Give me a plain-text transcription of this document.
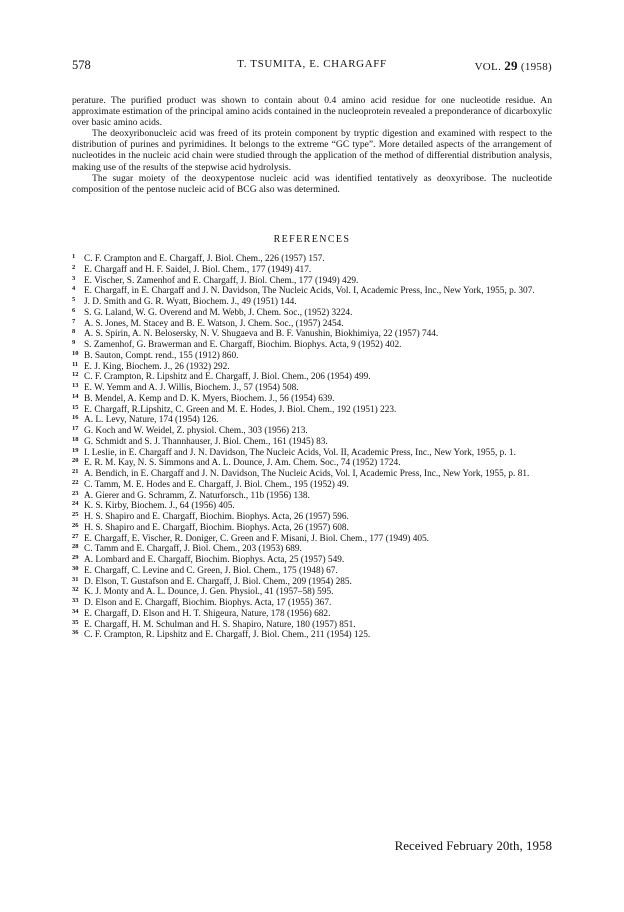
578	T. TSUMITA, E. CHARGAFF	VOL. 29 (1958)

perature. The purified product was shown to contain about 0.4 amino acid residue for one nucleotide residue. An approximate estimation of the principal amino acids contained in the nucleoprotein revealed a preponderance of dicarboxylic over basic amino acids.

The deoxyribonucleic acid was freed of its protein component by tryptic digestion and examined with respect to the distribution of purines and pyrimidines. It belongs to the extreme “GC type”. More detailed aspects of the arrangement of nucleotides in the nucleic acid chain were studied through the application of the method of differential distribution analysis, making use of the results of the stepwise acid hydrolysis.

The sugar moiety of the deoxypentose nucleic acid was identified tentatively as deoxyribose. The nucleotide composition of the pentose nucleic acid of BCG also was determined.

REFERENCES
1 C. F. Crampton and E. Chargaff, J. Biol. Chem., 226 (1957) 157.
2 E. Chargaff and H. F. Saidel, J. Biol. Chem., 177 (1949) 417.
3 E. Vischer, S. Zamenhof and E. Chargaff, J. Biol. Chem., 177 (1949) 429.
4 E. Chargaff, in E. Chargaff and J. N. Davidson, The Nucleic Acids, Vol. I, Academic Press, Inc., New York, 1955, p. 307.
5 J. D. Smith and G. R. Wyatt, Biochem. J., 49 (1951) 144.
6 S. G. Laland, W. G. Overend and M. Webb, J. Chem. Soc., (1952) 3224.
7 A. S. Jones, M. Stacey and B. E. Watson, J. Chem. Soc., (1957) 2454.
8 A. S. Spirin, A. N. Belosersky, N. V. Shugaeva and B. F. Vanushin, Biokhimiya, 22 (1957) 744.
9 S. Zamenhof, G. Brawerman and E. Chargaff, Biochim. Biophys. Acta, 9 (1952) 402.
10 B. Sauton, Compt. rend., 155 (1912) 860.
11 E. J. King, Biochem. J., 26 (1932) 292.
12 C. F. Crampton, R. Lipshitz and E. Chargaff, J. Biol. Chem., 206 (1954) 499.
13 E. W. Yemm and A. J. Willis, Biochem. J., 57 (1954) 508.
14 B. Mendel, A. Kemp and D. K. Myers, Biochem. J., 56 (1954) 639.
15 E. Chargaff, R.Lipshitz, C. Green and M. E. Hodes, J. Biol. Chem., 192 (1951) 223.
16 A. L. Levy, Nature, 174 (1954) 126.
17 G. Koch and W. Weidel, Z. physiol. Chem., 303 (1956) 213.
18 G. Schmidt and S. J. Thannhauser, J. Biol. Chem., 161 (1945) 83.
19 I. Leslie, in E. Chargaff and J. N. Davidson, The Nucleic Acids, Vol. II, Academic Press, Inc., New York, 1955, p. 1.
20 E. R. M. Kay, N. S. Simmons and A. L. Dounce, J. Am. Chem. Soc., 74 (1952) 1724.
21 A. Bendich, in E. Chargaff and J. N. Davidson, The Nucleic Acids, Vol. I, Academic Press, Inc., New York, 1955, p. 81.
22 C. Tamm, M. E. Hodes and E. Chargaff, J. Biol. Chem., 195 (1952) 49.
23 A. Gierer and G. Schramm, Z. Naturforsch., 11b (1956) 138.
24 K. S. Kirby, Biochem. J., 64 (1956) 405.
25 H. S. Shapiro and E. Chargaff, Biochim. Biophys. Acta, 26 (1957) 596.
26 H. S. Shapiro and E. Chargaff, Biochim. Biophys. Acta, 26 (1957) 608.
27 E. Chargaff, E. Vischer, R. Doniger, C. Green and F. Misani, J. Biol. Chem., 177 (1949) 405.
28 C. Tamm and E. Chargaff, J. Biol. Chem., 203 (1953) 689.
29 A. Lombard and E. Chargaff, Biochim. Biophys. Acta, 25 (1957) 549.
30 E. Chargaff, C. Levine and C. Green, J. Biol. Chem., 175 (1948) 67.
31 D. Elson, T. Gustafson and E. Chargaff, J. Biol. Chem., 209 (1954) 285.
32 K. J. Monty and A. L. Dounce, J. Gen. Physiol., 41 (1957–58) 595.
33 D. Elson and E. Chargaff, Biochim. Biophys. Acta, 17 (1955) 367.
34 E. Chargaff, D. Elson and H. T. Shigeura, Nature, 178 (1956) 682.
35 E. Chargaff, H. M. Schulman and H. S. Shapiro, Nature, 180 (1957) 851.
36 C. F. Crampton, R. Lipshitz and E. Chargaff, J. Biol. Chem., 211 (1954) 125.
Received February 20th, 1958
